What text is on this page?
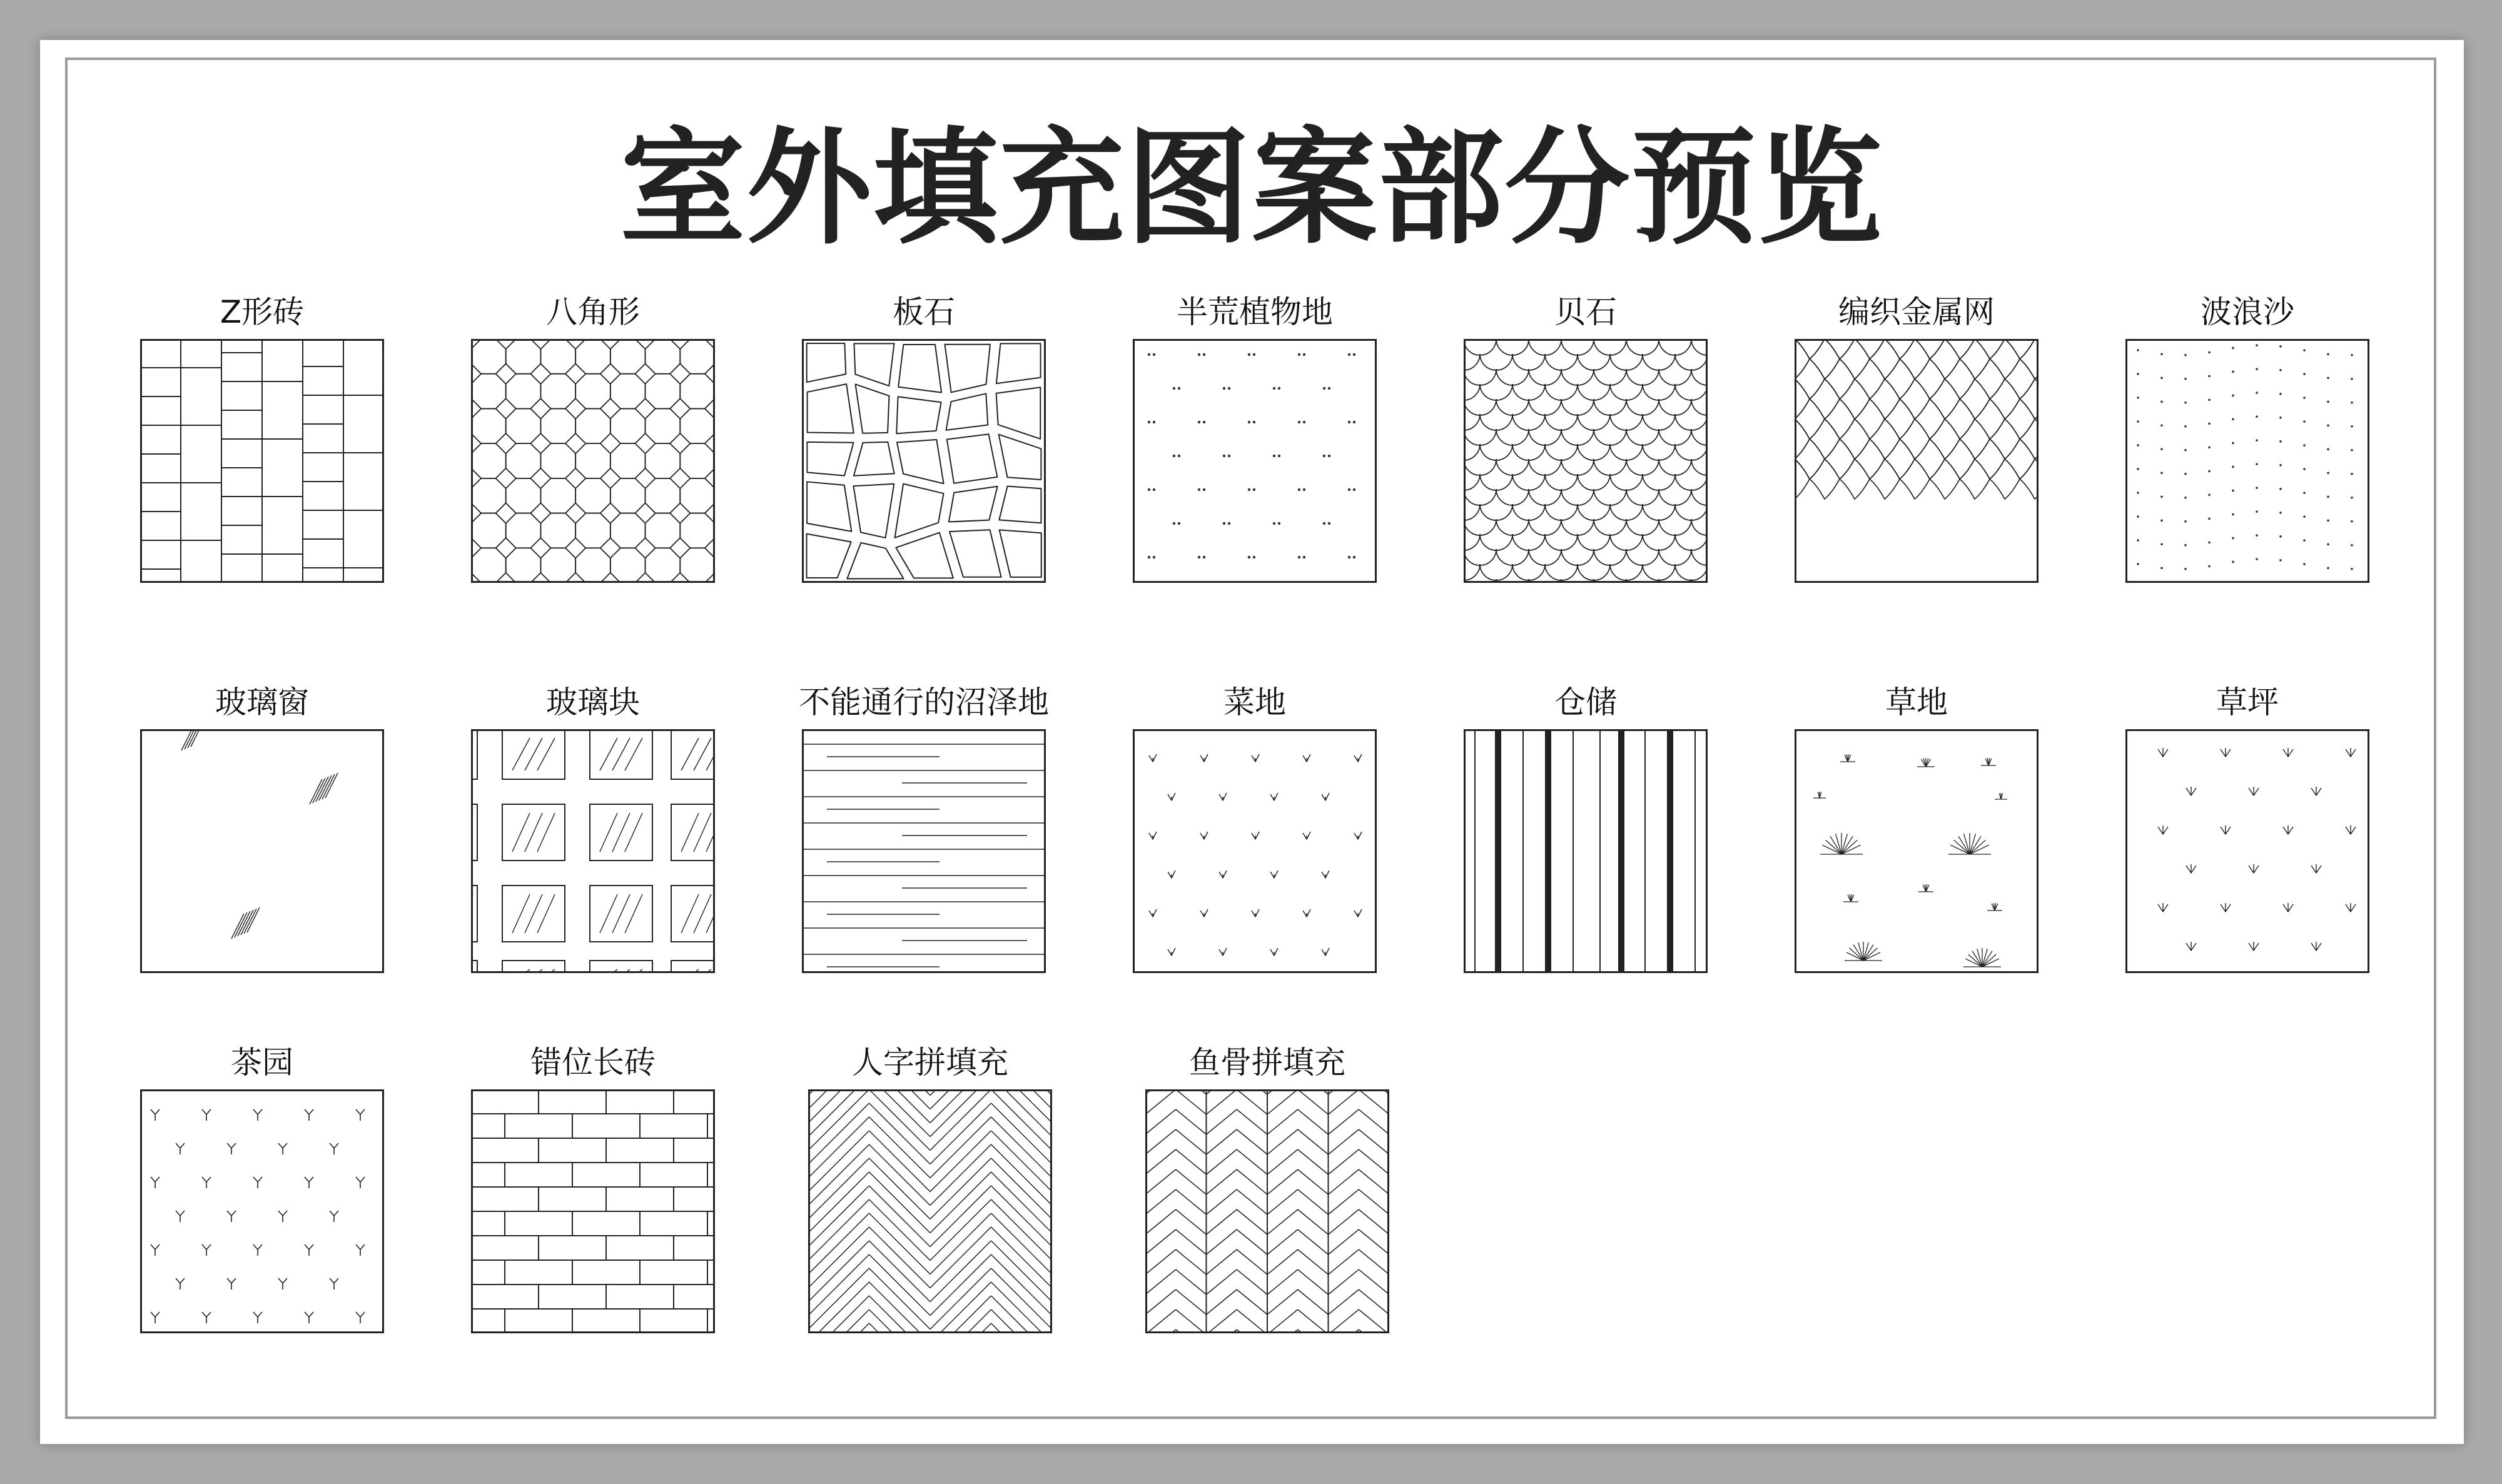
室外填充图案部分预览
Z形砖	八角形	板石	半荒植物地	贝石	编织金属网	波浪沙
玻璃窗	玻璃块	不能通行的沼泽地	菜地	仓储	草地	草坪
茶园	错位长砖	人字拼填充	鱼骨拼填充
